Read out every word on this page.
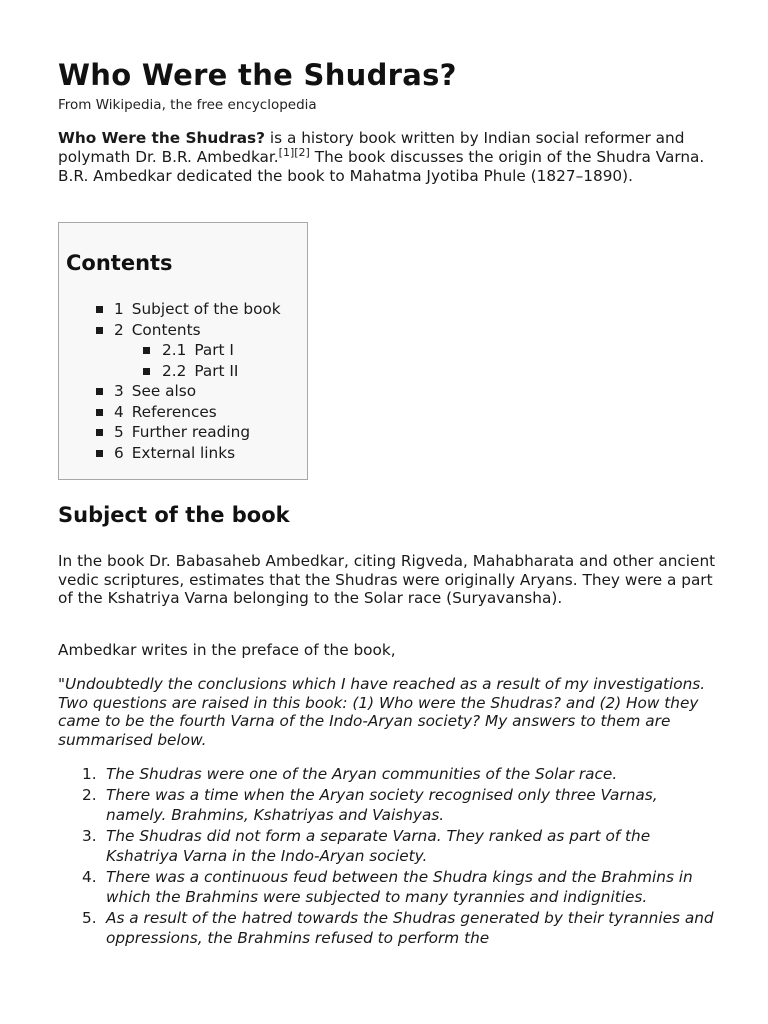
Who Were the Shudras?

From Wikipedia, the free encyclopedia

Who Were the Shudras? is a history book written by Indian social reformer and polymath Dr. B.R. Ambedkar.[1][2] The book discusses the origin of the Shudra Varna. B.R. Ambedkar dedicated the book to Mahatma Jyotiba Phule (1827–1890).

Contents
1 Subject of the book
2 Contents
2.1 Part I
2.2 Part II
3 See also
4 References
5 Further reading
6 External links
Subject of the book

In the book Dr. Babasaheb Ambedkar, citing Rigveda, Mahabharata and other ancient vedic scriptures, estimates that the Shudras were originally Aryans. They were a part of the Kshatriya Varna belonging to the Solar race (Suryavansha).

Ambedkar writes in the preface of the book,

"Undoubtedly the conclusions which I have reached as a result of my investigations. Two questions are raised in this book: (1) Who were the Shudras? and (2) How they came to be the fourth Varna of the Indo-Aryan society? My answers to them are summarised below.

1. The Shudras were one of the Aryan communities of the Solar race.
2. There was a time when the Aryan society recognised only three Varnas, namely. Brahmins, Kshatriyas and Vaishyas.
3. The Shudras did not form a separate Varna. They ranked as part of the Kshatriya Varna in the Indo-Aryan society.
4. There was a continuous feud between the Shudra kings and the Brahmins in which the Brahmins were subjected to many tyrannies and indignities.
5. As a result of the hatred towards the Shudras generated by their tyrannies and oppressions, the Brahmins refused to perform the
